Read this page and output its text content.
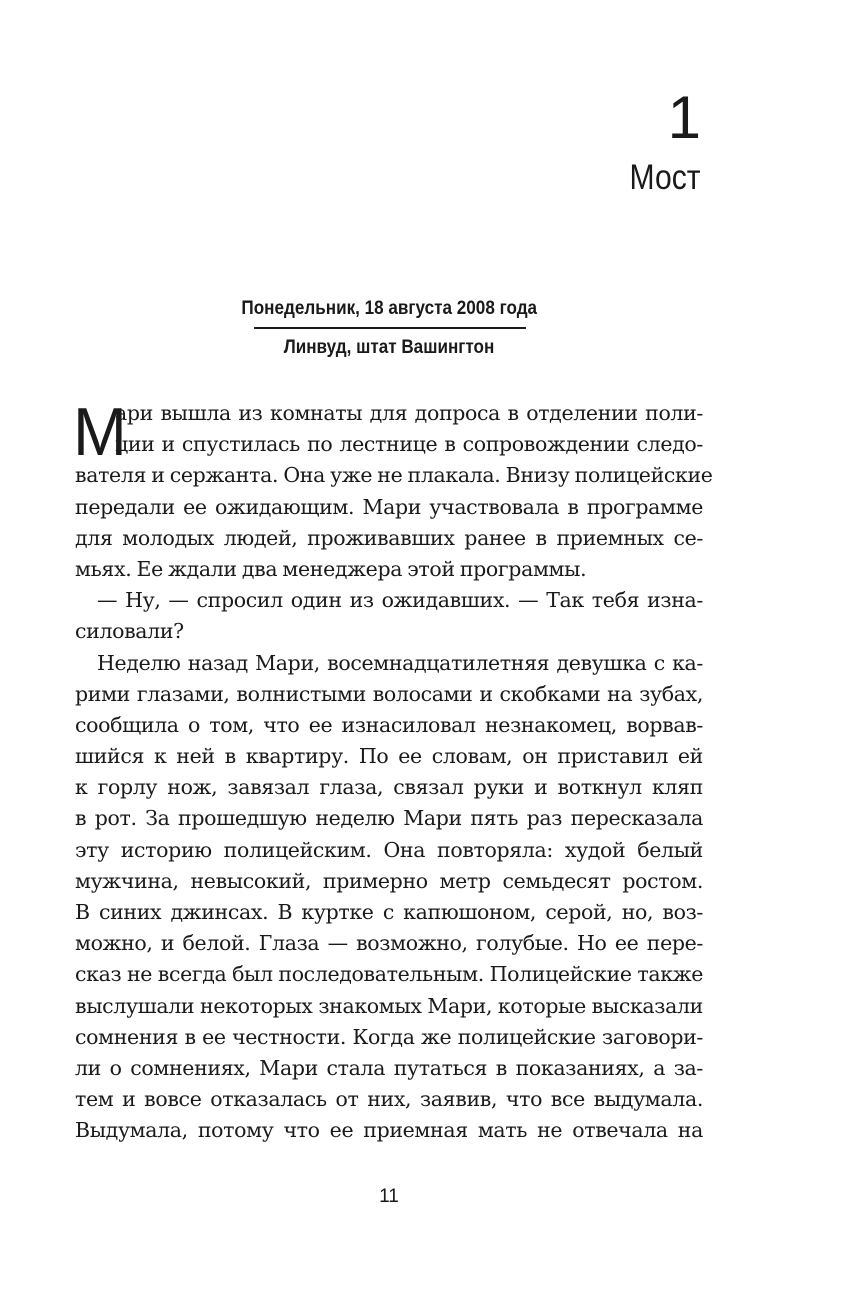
1
Мост
Понедельник, 18 августа 2008 года
Линвуд, штат Вашингтон
М
ари вышла из комнаты для допроса в отделении поли-
ции и спустилась по лестнице в сопровождении следо-
вателя и сержанта. Она уже не плакала. Внизу полицейские
передали ее ожидающим. Мари участвовала в программе
для молодых людей, проживавших ранее в приемных се-
мьях. Ее ждали два менеджера этой программы.
— Ну, — спросил один из ожидавших. — Так тебя изна-
силовали?
Неделю назад Мари, восемнадцатилетняя девушка с ка-
рими глазами, волнистыми волосами и скобками на зубах,
сообщила о том, что ее изнасиловал незнакомец, ворвав-
шийся к ней в квартиру. По ее словам, он приставил ей
к горлу нож, завязал глаза, связал руки и воткнул кляп
в рот. За прошедшую неделю Мари пять раз пересказала
эту историю полицейским. Она повторяла: худой белый
мужчина, невысокий, примерно метр семьдесят ростом.
В синих джинсах. В куртке с капюшоном, серой, но, воз-
можно, и белой. Глаза — возможно, голубые. Но ее пере-
сказ не всегда был последовательным. Полицейские также
выслушали некоторых знакомых Мари, которые высказали
сомнения в ее честности. Когда же полицейские заговори-
ли о сомнениях, Мари стала путаться в показаниях, а за-
тем и вовсе отказалась от них, заявив, что все выдумала.
Выдумала, потому что ее приемная мать не отвечала на
11
